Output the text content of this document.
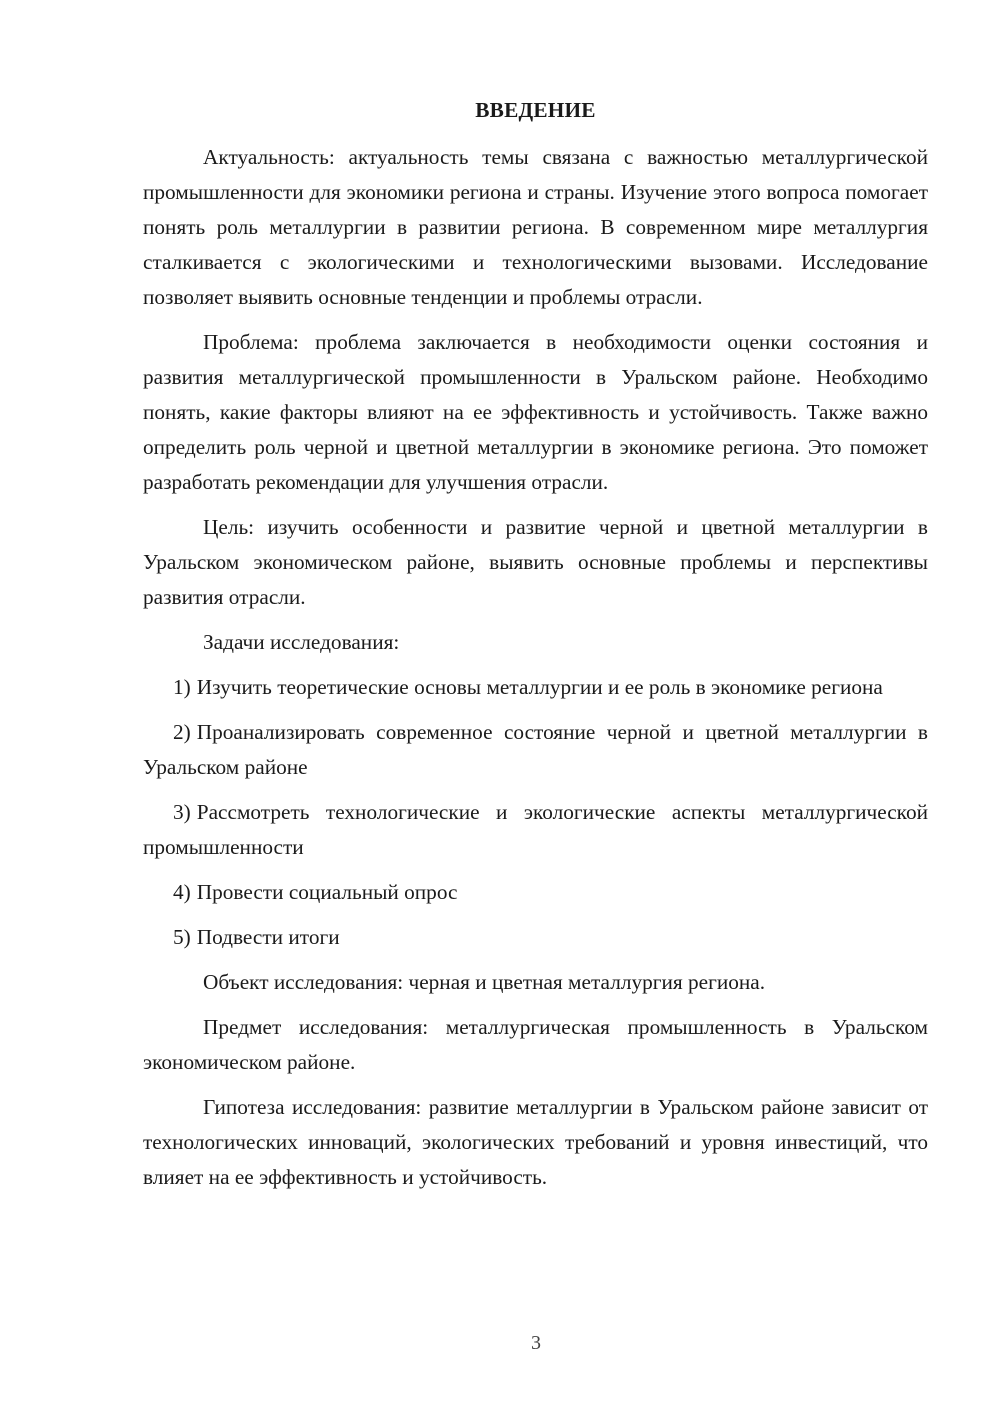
ВВЕДЕНИЕ

Актуальность: актуальность темы связана с важностью металлургической промышленности для экономики региона и страны. Изучение этого вопроса помогает понять роль металлургии в развитии региона. В современном мире металлургия сталкивается с экологическими и технологическими вызовами. Исследование позволяет выявить основные тенденции и проблемы отрасли.

Проблема: проблема заключается в необходимости оценки состояния и развития металлургической промышленности в Уральском районе. Необходимо понять, какие факторы влияют на ее эффективность и устойчивость. Также важно определить роль черной и цветной металлургии в экономике региона. Это поможет разработать рекомендации для улучшения отрасли.

Цель: изучить особенности и развитие черной и цветной металлургии в Уральском экономическом районе, выявить основные проблемы и перспективы развития отрасли.

Задачи исследования:

1) Изучить теоретические основы металлургии и ее роль в экономике региона

2) Проанализировать современное состояние черной и цветной металлургии в Уральском районе

3) Рассмотреть технологические и экологические аспекты металлургической промышленности

4) Провести социальный опрос

5) Подвести итоги

Объект исследования: черная и цветная металлургия региона.

Предмет исследования: металлургическая промышленность в Уральском экономическом районе.

Гипотеза исследования: развитие металлургии в Уральском районе зависит от технологических инноваций, экологических требований и уровня инвестиций, что влияет на ее эффективность и устойчивость.

3
